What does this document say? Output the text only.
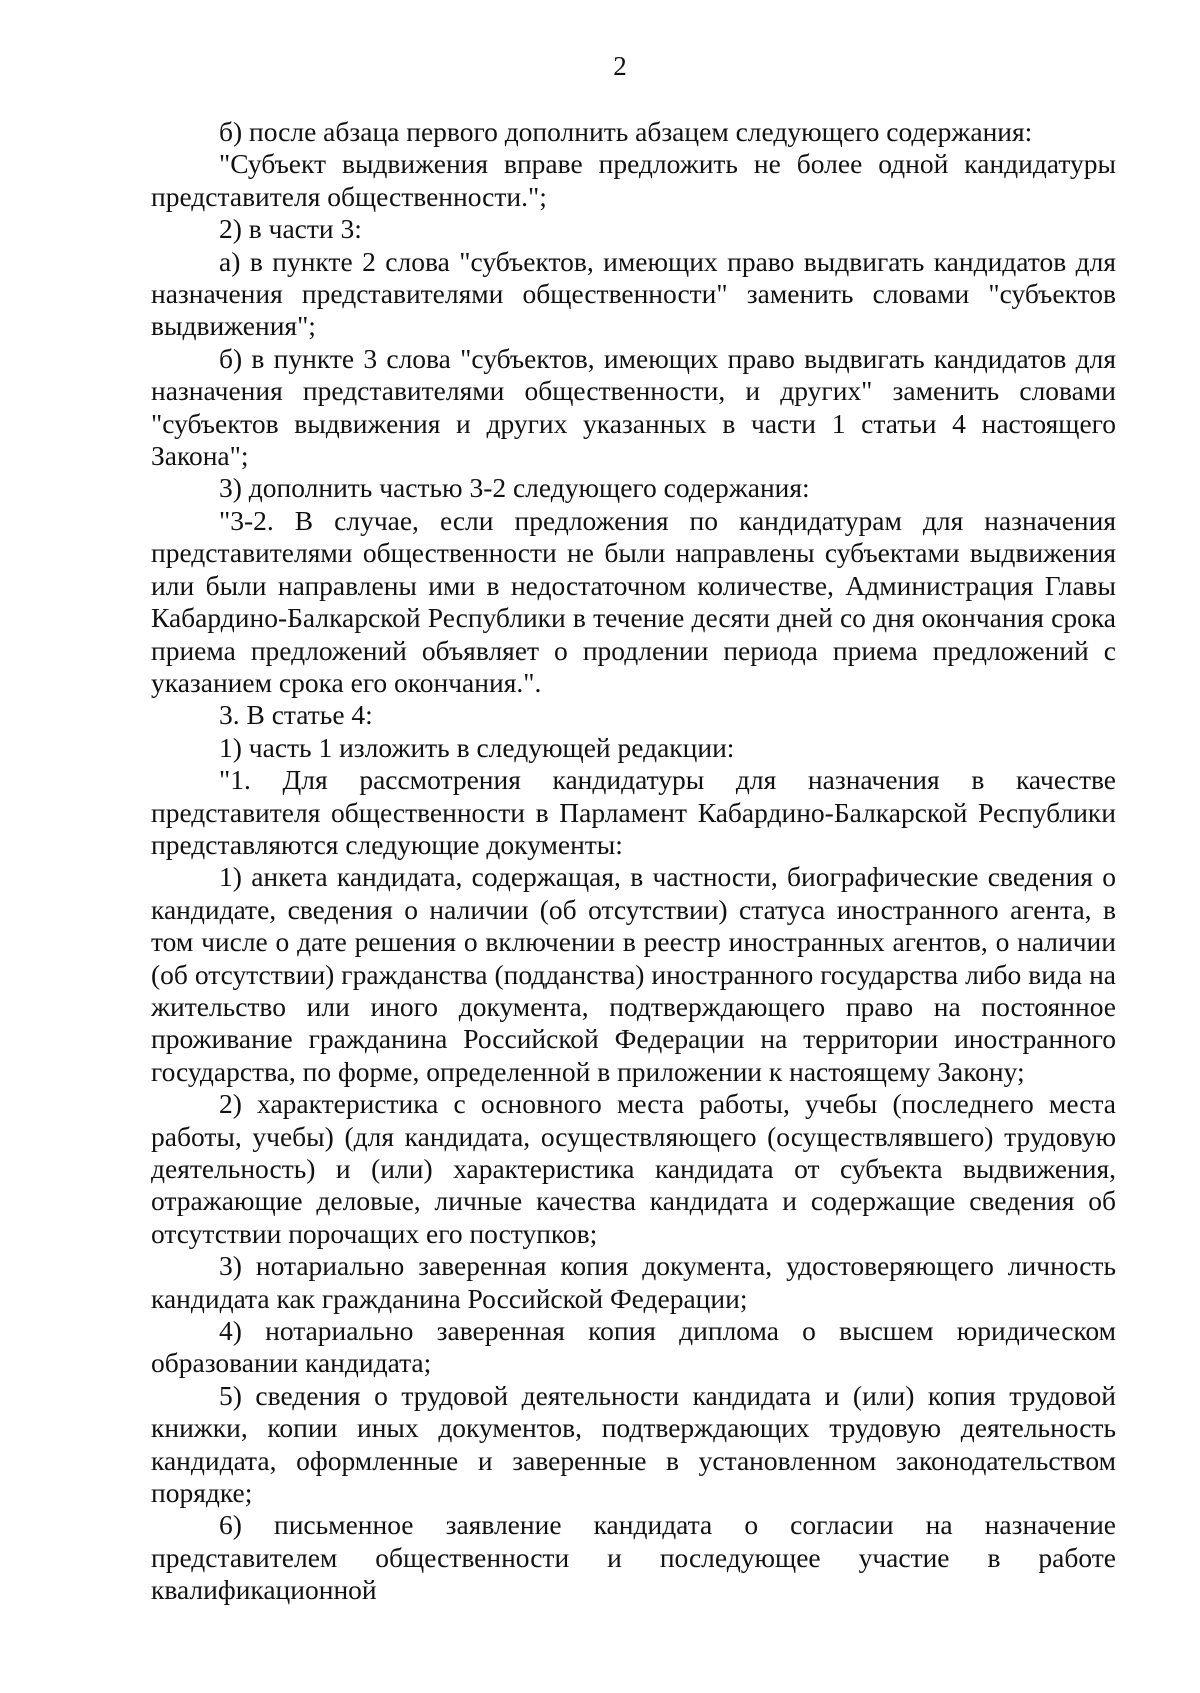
2

б) после абзаца первого дополнить абзацем следующего содержания:

"Субъект выдвижения вправе предложить не более одной кандидатуры представителя общественности.";

2) в части 3:

а) в пункте 2 слова "субъектов, имеющих право выдвигать кандидатов для назначения представителями общественности" заменить словами "субъектов выдвижения";

б) в пункте 3 слова "субъектов, имеющих право выдвигать кандидатов для назначения представителями общественности, и других" заменить словами "субъектов выдвижения и других указанных в части 1 статьи 4 настоящего Закона";

3) дополнить частью 3-2 следующего содержания:

"3-2. В случае, если предложения по кандидатурам для назначения представителями общественности не были направлены субъектами выдвижения или были направлены ими в недостаточном количестве, Администрация Главы Кабардино-Балкарской Республики в течение десяти дней со дня окончания срока приема предложений объявляет о продлении периода приема предложений с указанием срока его окончания.".

3. В статье 4:

1) часть 1 изложить в следующей редакции:

"1. Для рассмотрения кандидатуры для назначения в качестве представителя общественности в Парламент Кабардино-Балкарской Республики представляются следующие документы:

1) анкета кандидата, содержащая, в частности, биографические сведения о кандидате, сведения о наличии (об отсутствии) статуса иностранного агента, в том числе о дате решения о включении в реестр иностранных агентов, о наличии (об отсутствии) гражданства (подданства) иностранного государства либо вида на жительство или иного документа, подтверждающего право на постоянное проживание гражданина Российской Федерации на территории иностранного государства, по форме, определенной в приложении к настоящему Закону;

2) характеристика с основного места работы, учебы (последнего места работы, учебы) (для кандидата, осуществляющего (осуществлявшего) трудовую деятельность) и (или) характеристика кандидата от субъекта выдвижения, отражающие деловые, личные качества кандидата и содержащие сведения об отсутствии порочащих его поступков;

3) нотариально заверенная копия документа, удостоверяющего личность кандидата как гражданина Российской Федерации;

4) нотариально заверенная копия диплома о высшем юридическом образовании кандидата;

5) сведения о трудовой деятельности кандидата и (или) копия трудовой книжки, копии иных документов, подтверждающих трудовую деятельность кандидата, оформленные и заверенные в установленном законодательством порядке;

6) письменное заявление кандидата о согласии на назначение представителем общественности и последующее участие в работе квалификационной
